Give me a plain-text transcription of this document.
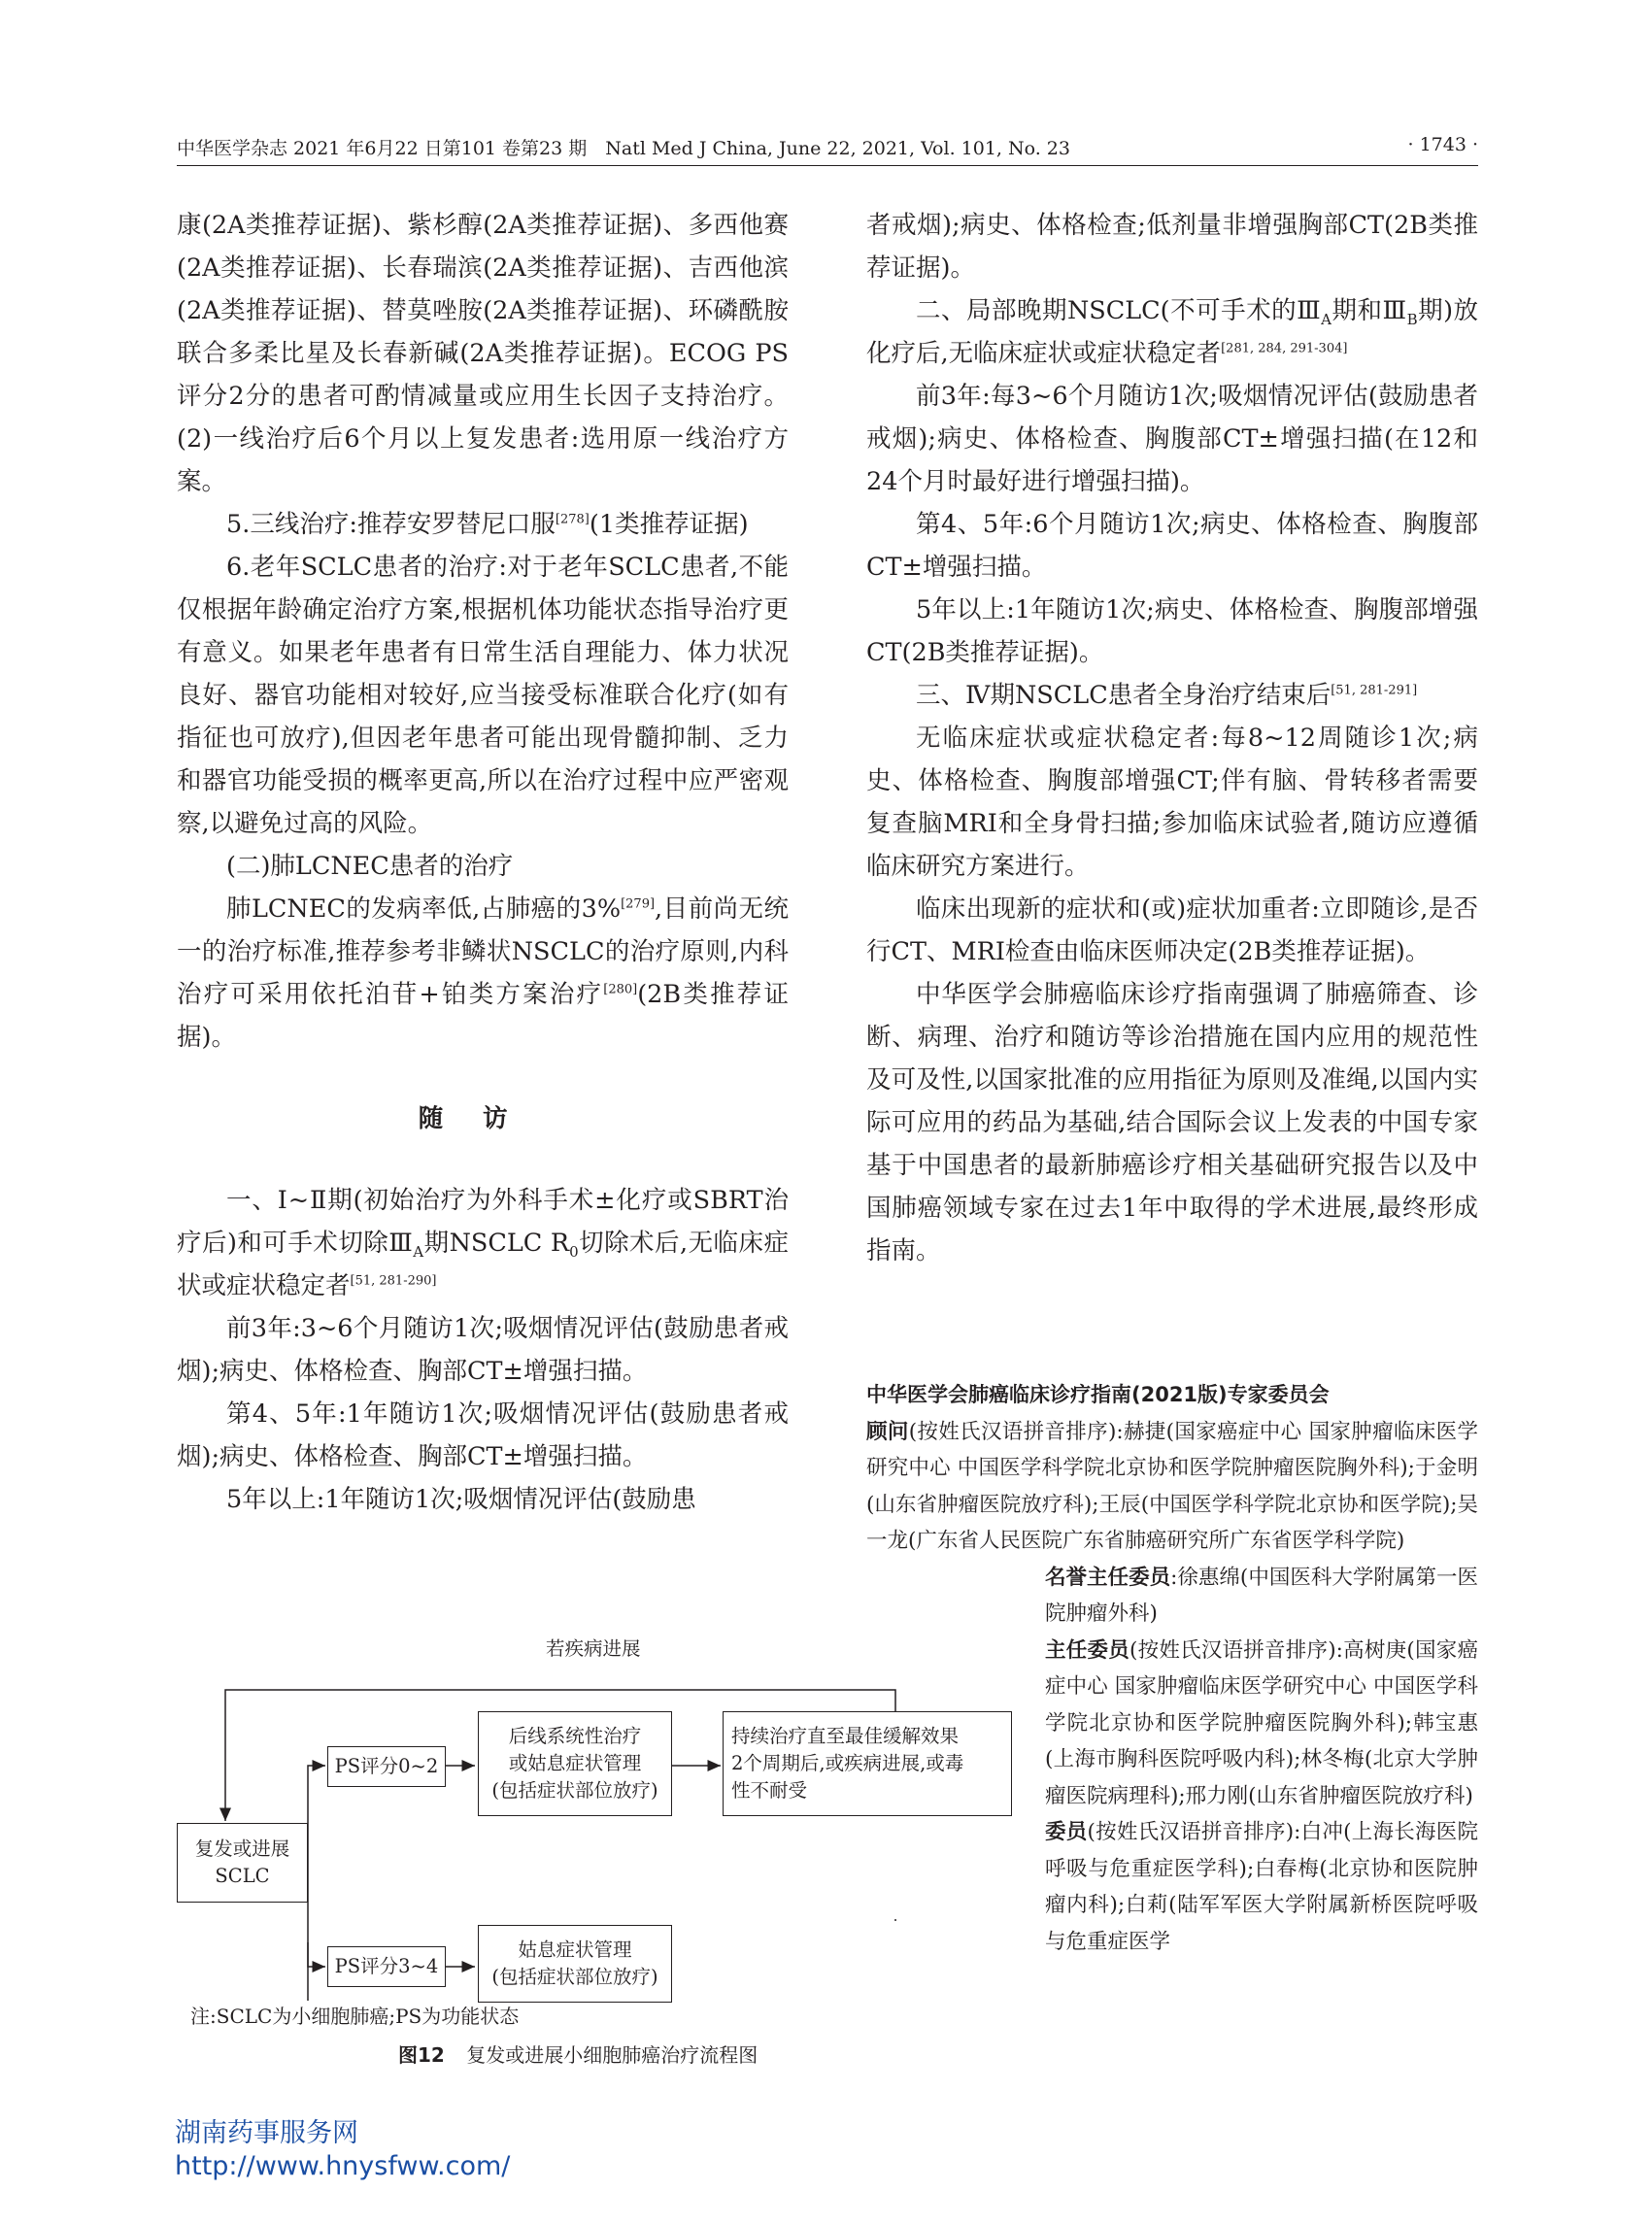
中华医学杂志 2021 年6月22 日第101 卷第23 期　Natl Med J China, June 22, 2021, Vol. 101, No. 23	· 1743 ·

康(2A类推荐证据)、紫杉醇(2A类推荐证据)、多西他赛(2A类推荐证据)、长春瑞滨(2A类推荐证据)、吉西他滨(2A类推荐证据)、替莫唑胺(2A类推荐证据)、环磷酰胺联合多柔比星及长春新碱(2A类推荐证据)。ECOG PS评分2分的患者可酌情减量或应用生长因子支持治疗。(2)一线治疗后6个月以上复发患者:选用原一线治疗方案。

5.三线治疗:推荐安罗替尼口服[278](1类推荐证据)

6.老年SCLC患者的治疗:对于老年SCLC患者,不能仅根据年龄确定治疗方案,根据机体功能状态指导治疗更有意义。如果老年患者有日常生活自理能力、体力状况良好、器官功能相对较好,应当接受标准联合化疗(如有指征也可放疗),但因老年患者可能出现骨髓抑制、乏力和器官功能受损的概率更高,所以在治疗过程中应严密观察,以避免过高的风险。

(二)肺LCNEC患者的治疗

肺LCNEC的发病率低,占肺癌的3%[279],目前尚无统一的治疗标准,推荐参考非鳞状NSCLC的治疗原则,内科治疗可采用依托泊苷+铂类方案治疗[280](2B类推荐证据)。

随访

一、Ⅰ~Ⅱ期(初始治疗为外科手术±化疗或SBRT治疗后)和可手术切除$Ⅲ_A$期NSCLC $R_0$切除术后,无临床症状或症状稳定者[51, 281-290]

前3年:3~6个月随访1次;吸烟情况评估(鼓励患者戒烟);病史、体格检查、胸部CT±增强扫描。

第4、5年:1年随访1次;吸烟情况评估(鼓励患者戒烟);病史、体格检查、胸部CT±增强扫描。

5年以上:1年随访1次;吸烟情况评估(鼓励患

者戒烟);病史、体格检查;低剂量非增强胸部CT(2B类推荐证据)。

二、局部晚期NSCLC(不可手术的$Ⅲ_A$期和$Ⅲ_B$期)放化疗后,无临床症状或症状稳定者[281, 284, 291-304]

前3年:每3~6个月随访1次;吸烟情况评估(鼓励患者戒烟);病史、体格检查、胸腹部CT±增强扫描(在12和24个月时最好进行增强扫描)。

第4、5年:6个月随访1次;病史、体格检查、胸腹部CT±增强扫描。

5年以上:1年随访1次;病史、体格检查、胸腹部增强CT(2B类推荐证据)。

三、Ⅳ期NSCLC患者全身治疗结束后[51, 281-291]

无临床症状或症状稳定者:每8~12周随诊1次;病史、体格检查、胸腹部增强CT;伴有脑、骨转移者需要复查脑MRI和全身骨扫描;参加临床试验者,随访应遵循临床研究方案进行。

临床出现新的症状和(或)症状加重者:立即随诊,是否行CT、MRI检查由临床医师决定(2B类推荐证据)。

中华医学会肺癌临床诊疗指南强调了肺癌筛查、诊断、病理、治疗和随访等诊治措施在国内应用的规范性及可及性,以国家批准的应用指征为原则及准绳,以国内实际可应用的药品为基础,结合国际会议上发表的中国专家基于中国患者的最新肺癌诊疗相关基础研究报告以及中国肺癌领域专家在过去1年中取得的学术进展,最终形成指南。

中华医学会肺癌临床诊疗指南(2021版)专家委员会

顾问(按姓氏汉语拼音排序):赫捷(国家癌症中心 国家肿瘤临床医学研究中心 中国医学科学院北京协和医学院肿瘤医院胸外科);于金明(山东省肿瘤医院放疗科);王辰(中国医学科学院北京协和医学院);吴一龙(广东省人民医院广东省肺癌研究所广东省医学科学院)

名誉主任委员:徐惠绵(中国医科大学附属第一医院肿瘤外科)

主任委员(按姓氏汉语拼音排序):高树庚(国家癌症中心 国家肿瘤临床医学研究中心 中国医学科学院北京协和医学院肿瘤医院胸外科);韩宝惠(上海市胸科医院呼吸内科);林冬梅(北京大学肿瘤医院病理科);邢力刚(山东省肿瘤医院放疗科)

委员(按姓氏汉语拼音排序):白冲(上海长海医院呼吸与危重症医学科);白春梅(北京协和医院肿瘤内科);白莉(陆军军医大学附属新桥医院呼吸与危重症医学

若疾病进展
复发或进展
SCLC
PS评分0~2
后线系统性治疗
或姑息症状管理
(包括症状部位放疗)
持续治疗直至最佳缓解效果
2个周期后,或疾病进展,或毒
性不耐受
PS评分3~4
姑息症状管理
(包括症状部位放疗)
注:SCLC为小细胞肺癌;PS为功能状态
图12 复发或进展小细胞肺癌治疗流程图
湖南药事服务网
http://www.hnysfww.com/
